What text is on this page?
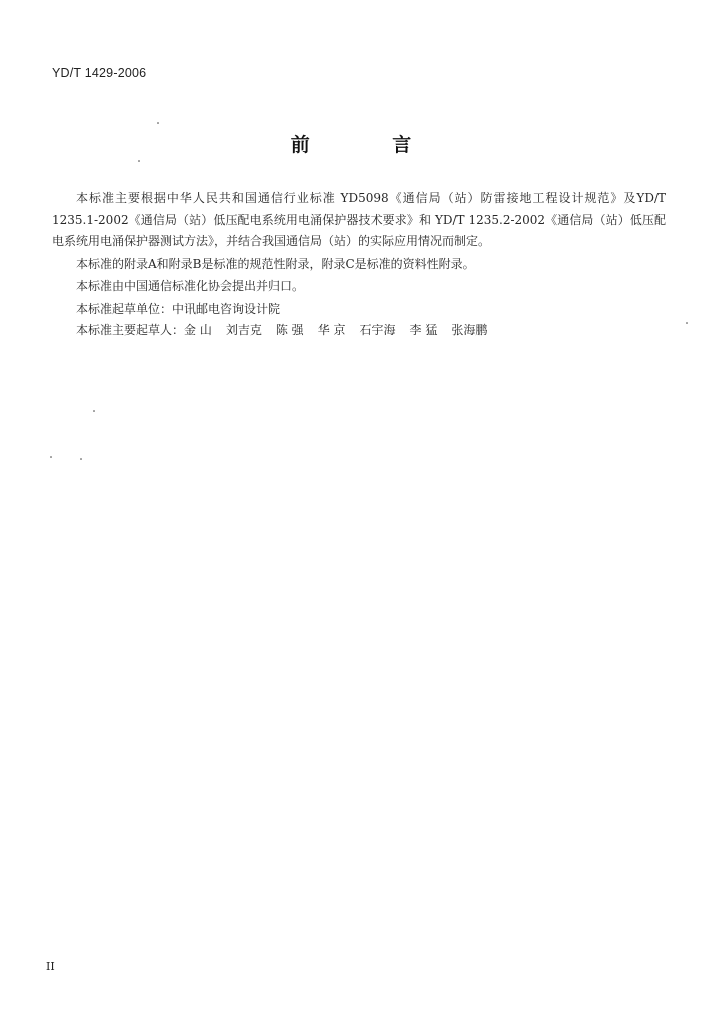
YD/T 1429-2006
前 言

本标准主要根据中华人民共和国通信行业标准 YD5098《通信局（站）防雷接地工程设计规范》及YD/T 1235.1-2002《通信局（站）低压配电系统用电涌保护器技术要求》和 YD/T 1235.2-2002《通信局（站）低压配电系统用电涌保护器测试方法》，并结合我国通信局（站）的实际应用情况而制定。

本标准的附录A和附录B是标准的规范性附录，附录C是标准的资料性附录。

本标准由中国通信标准化协会提出并归口。

本标准起草单位：中讯邮电咨询设计院

本标准主要起草人：金 山 刘吉克 陈 强 华 京 石宇海 李 猛 张海鹏

II
